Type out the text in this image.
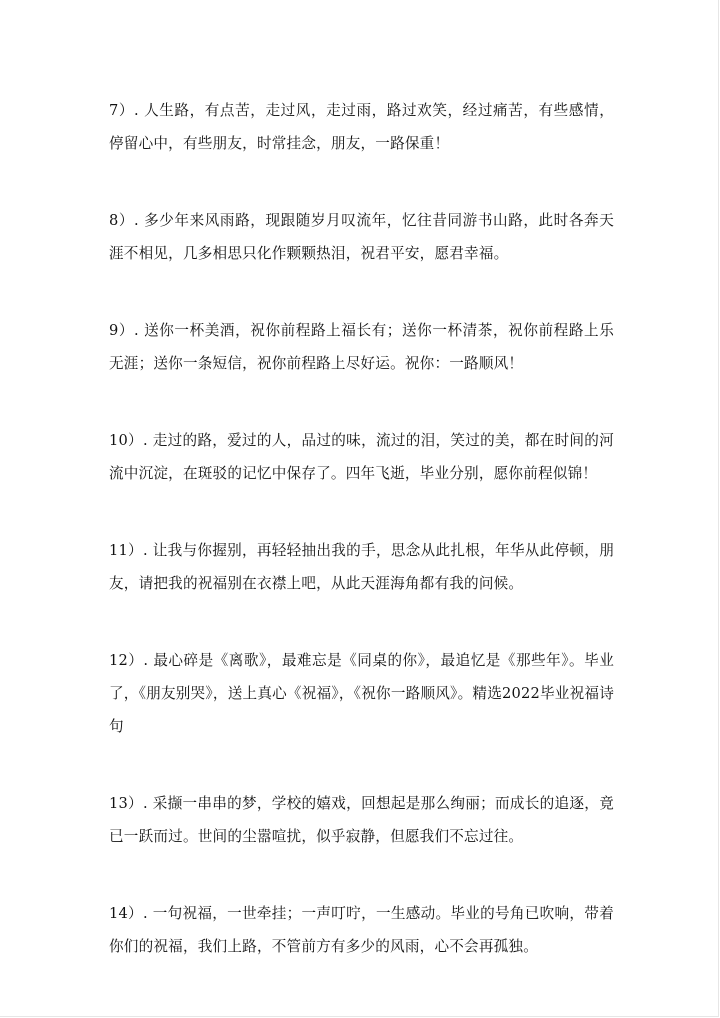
7）. 人生路，有点苦，走过风，走过雨，路过欢笑，经过痛苦，有些感情，停留心中，有些朋友，时常挂念，朋友，一路保重！

8）. 多少年来风雨路，现跟随岁月叹流年，忆往昔同游书山路，此时各奔天涯不相见，几多相思只化作颗颗热泪，祝君平安，愿君幸福。

9）. 送你一杯美酒，祝你前程路上福长有；送你一杯清茶，祝你前程路上乐无涯；送你一条短信，祝你前程路上尽好运。祝你：一路顺风！

10）. 走过的路，爱过的人，品过的味，流过的泪，笑过的美，都在时间的河流中沉淀，在斑驳的记忆中保存了。四年飞逝，毕业分别，愿你前程似锦！

11）. 让我与你握别，再轻轻抽出我的手，思念从此扎根，年华从此停顿，朋友，请把我的祝福别在衣襟上吧，从此天涯海角都有我的问候。

12）. 最心碎是《离歌》，最难忘是《同桌的你》，最追忆是《那些年》。毕业了，《朋友别哭》，送上真心《祝福》，《祝你一路顺风》。精选2022毕业祝福诗句

13）. 采撷一串串的梦，学校的嬉戏，回想起是那么绚丽；而成长的追逐，竟已一跃而过。世间的尘嚣喧扰，似乎寂静，但愿我们不忘过往。

14）. 一句祝福，一世牵挂；一声叮咛，一生感动。毕业的号角已吹响，带着你们的祝福，我们上路，不管前方有多少的风雨，心不会再孤独。
